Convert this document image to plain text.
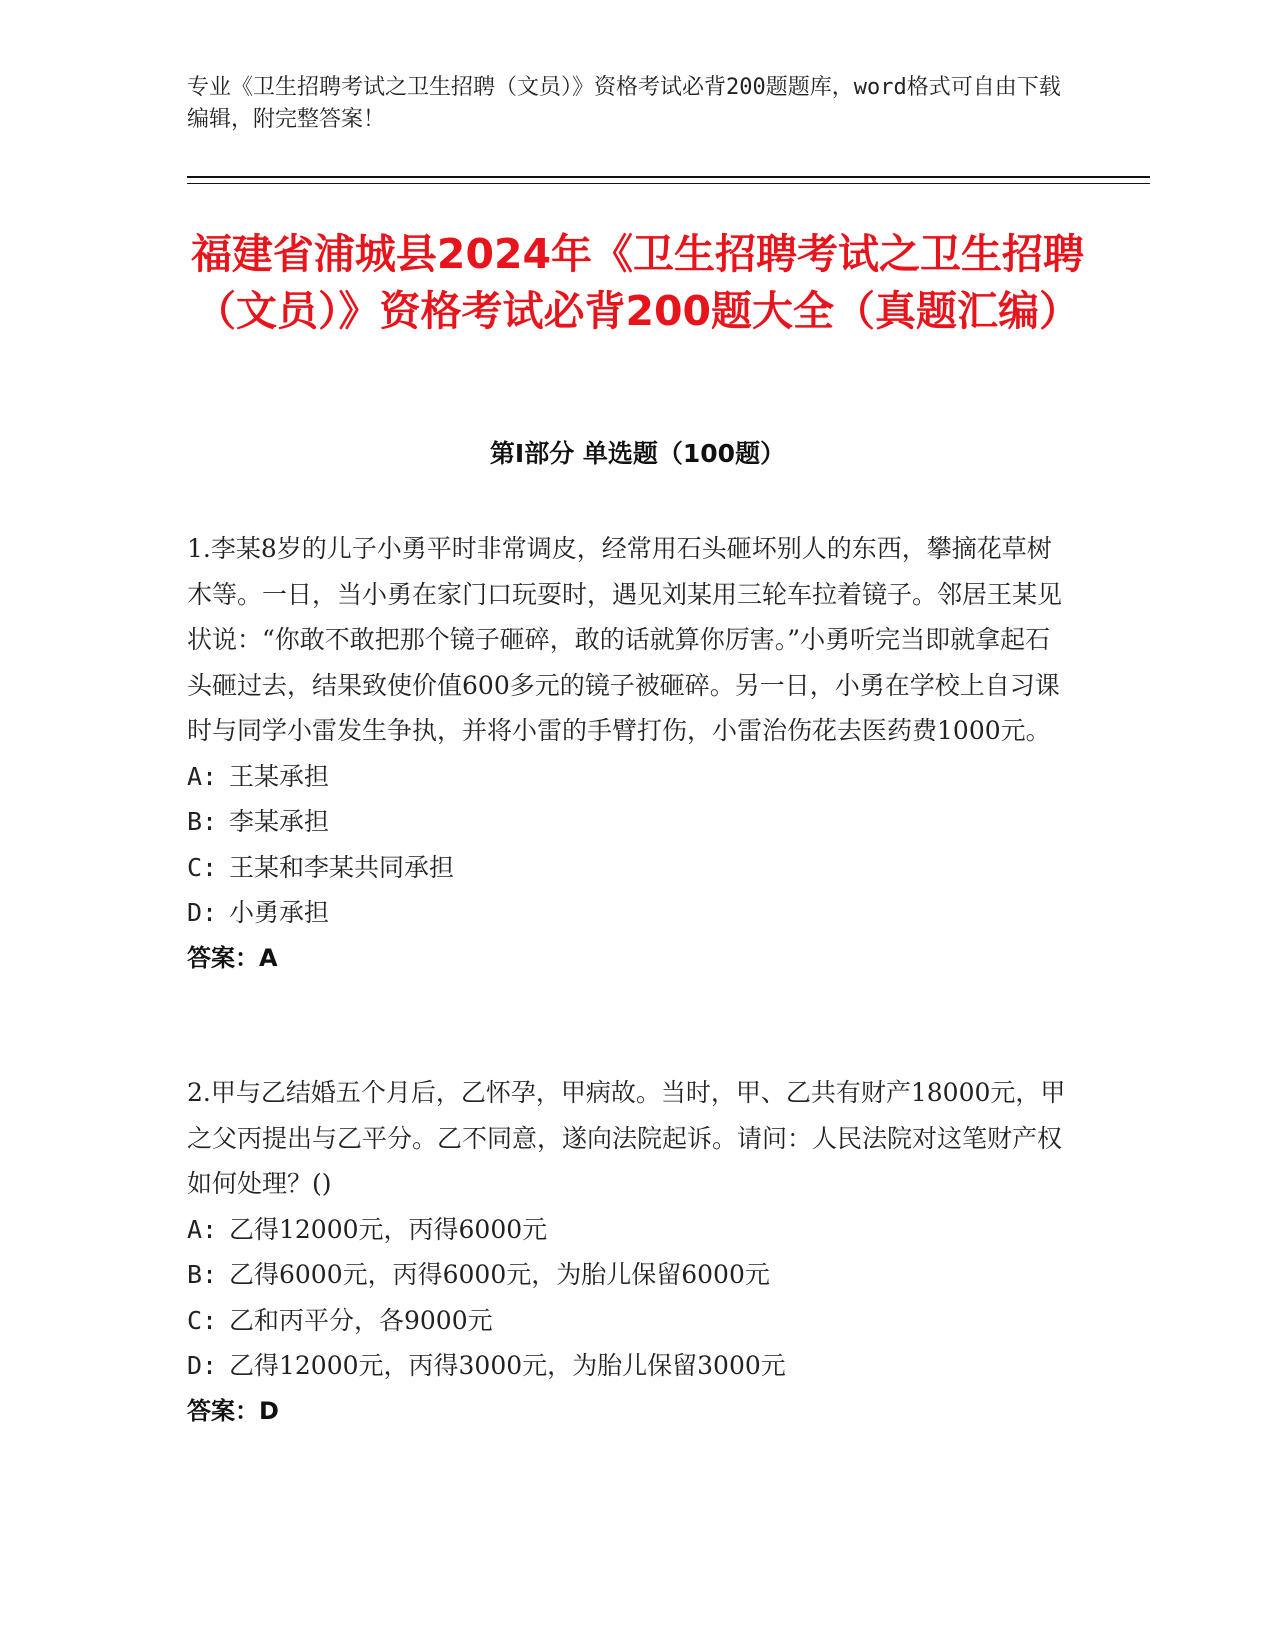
专业《卫生招聘考试之卫生招聘（文员）》资格考试必背200题题库，word格式可自由下载编辑，附完整答案！
福建省浦城县2024年《卫生招聘考试之卫生招聘（文员）》资格考试必背200题大全（真题汇编）
第I部分 单选题（100题）

1.李某8岁的儿子小勇平时非常调皮，经常用石头砸坏别人的东西，攀摘花草树木等。一日，当小勇在家门口玩耍时，遇见刘某用三轮车拉着镜子。邻居王某见状说：“你敢不敢把那个镜子砸碎，敢的话就算你厉害。”小勇听完当即就拿起石头砸过去，结果致使价值600多元的镜子被砸碎。另一日，小勇在学校上自习课时与同学小雷发生争执，并将小雷的手臂打伤，小雷治伤花去医药费1000元。

A: 王某承担

B: 李某承担

C: 王某和李某共同承担

D: 小勇承担

答案：A

2.甲与乙结婚五个月后，乙怀孕，甲病故。当时，甲、乙共有财产18000元，甲之父丙提出与乙平分。乙不同意，遂向法院起诉。请问：人民法院对这笔财产权如何处理？()

A: 乙得12000元，丙得6000元

B: 乙得6000元，丙得6000元，为胎儿保留6000元

C: 乙和丙平分，各9000元

D: 乙得12000元，丙得3000元，为胎儿保留3000元

答案：D
